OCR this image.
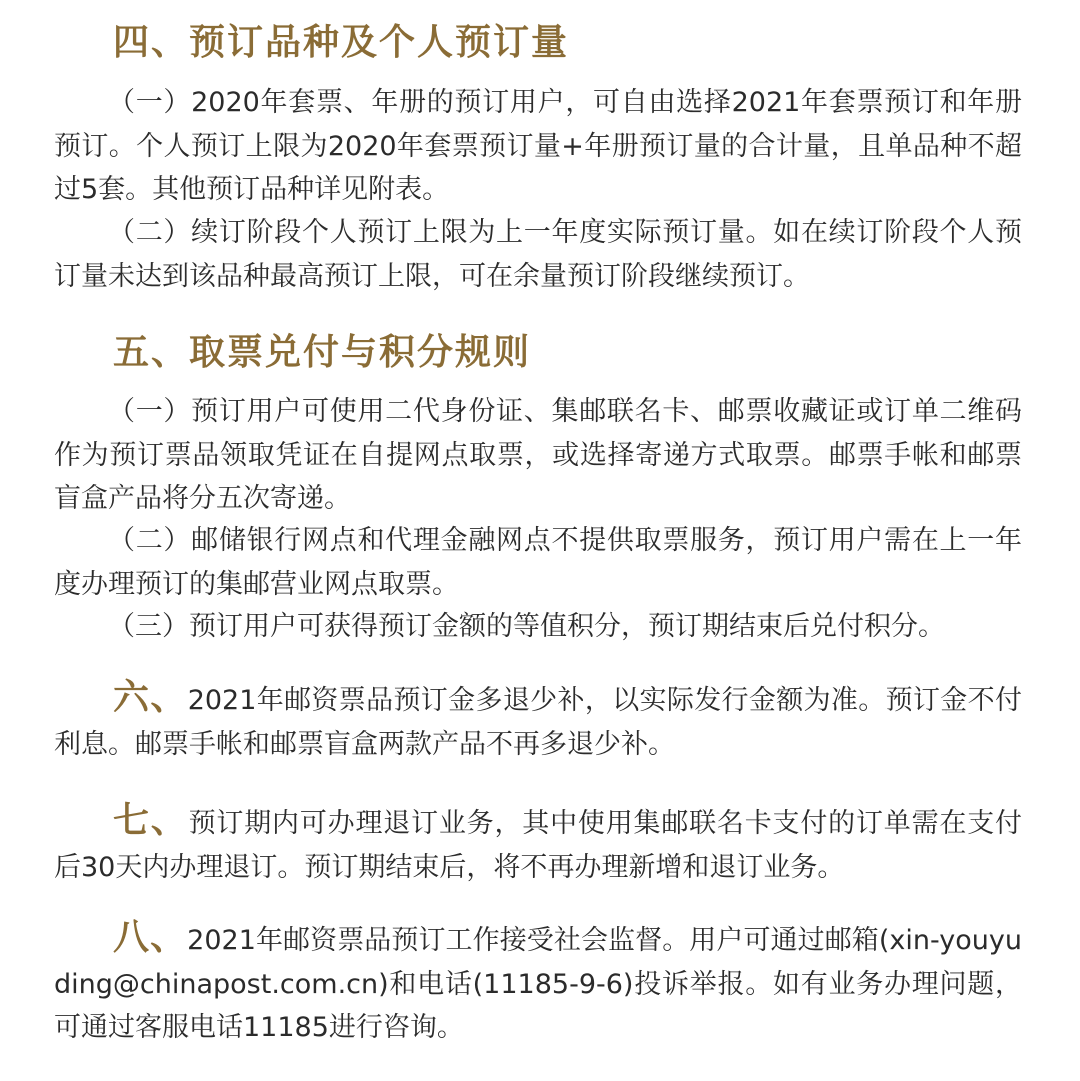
四、预订品种及个人预订量

（一）2020年套票、年册的预订用户，可自由选择2021年套票预订和年册预订。个人预订上限为2020年套票预订量+年册预订量的合计量，且单品种不超过5套。其他预订品种详见附表。

（二）续订阶段个人预订上限为上一年度实际预订量。如在续订阶段个人预订量未达到该品种最高预订上限，可在余量预订阶段继续预订。

五、取票兑付与积分规则

（一）预订用户可使用二代身份证、集邮联名卡、邮票收藏证或订单二维码作为预订票品领取凭证在自提网点取票，或选择寄递方式取票。邮票手帐和邮票盲盒产品将分五次寄递。

（二）邮储银行网点和代理金融网点不提供取票服务，预订用户需在上一年度办理预订的集邮营业网点取票。

（三）预订用户可获得预订金额的等值积分，预订期结束后兑付积分。

六、2021年邮资票品预订金多退少补，以实际发行金额为准。预订金不付利息。邮票手帐和邮票盲盒两款产品不再多退少补。

七、预订期内可办理退订业务，其中使用集邮联名卡支付的订单需在支付后30天内办理退订。预订期结束后，将不再办理新增和退订业务。

八、2021年邮资票品预订工作接受社会监督。用户可通过邮箱(xin-youyuding@chinapost.com.cn)和电话(11185-9-6)投诉举报。如有业务办理问题，可通过客服电话11185进行咨询。
